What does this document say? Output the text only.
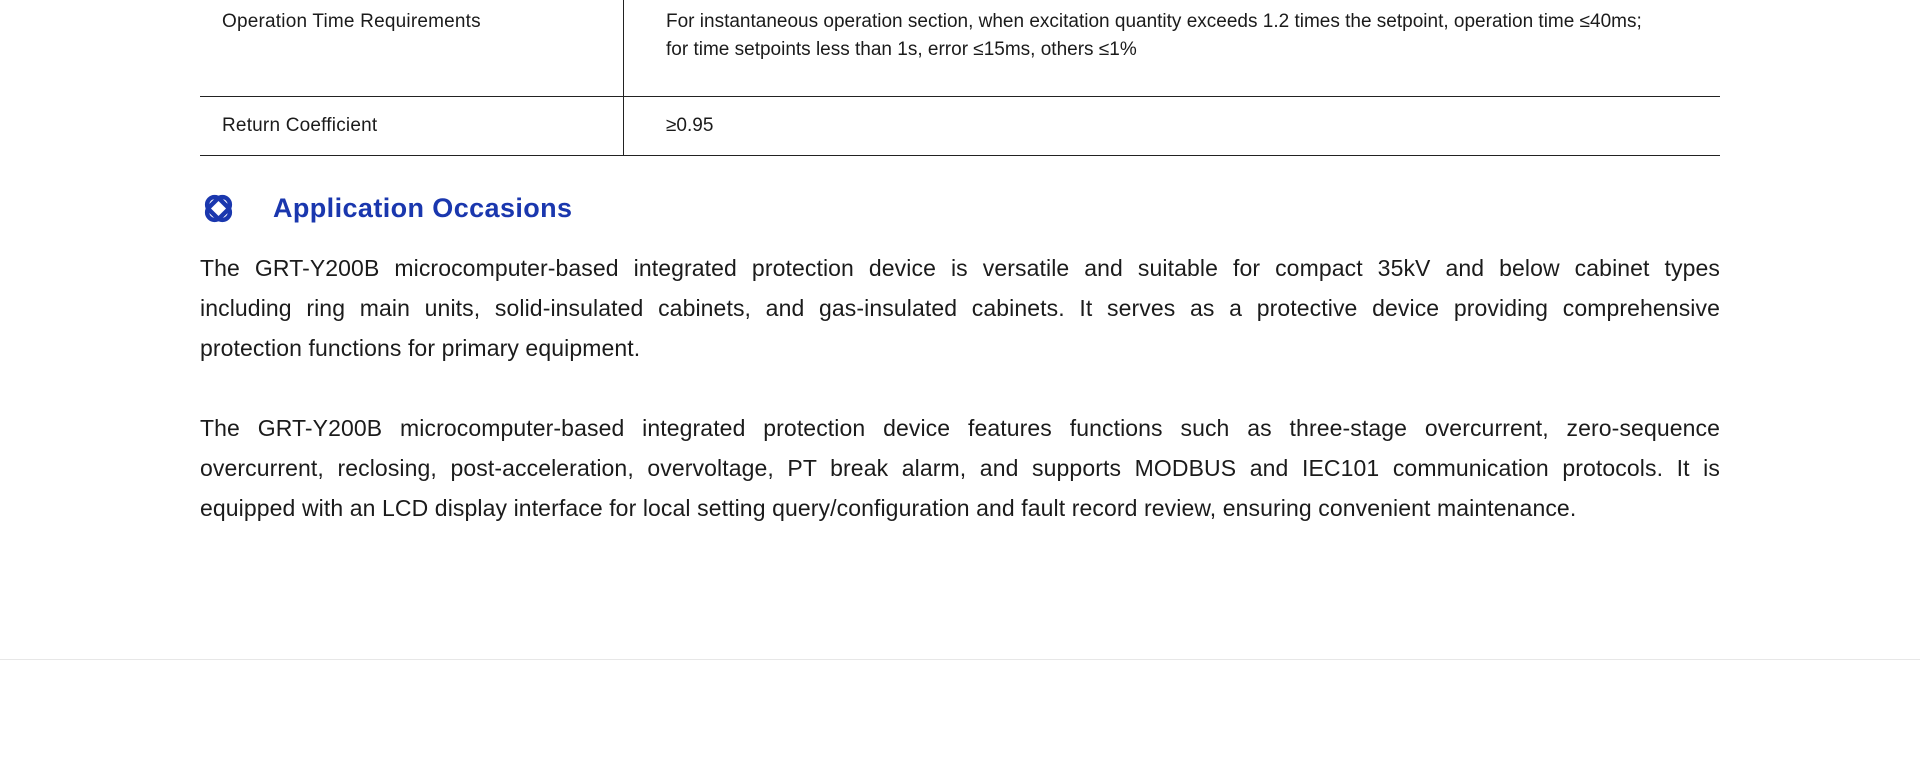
Operation Time Requirements	For instantaneous operation section, when excitation quantity exceeds 1.2 times the setpoint, operation time ≤40ms;
for time setpoints less than 1s, error ≤15ms, others ≤1%
Return Coefficient	≥0.95
Application Occasions
The GRT-Y200B microcomputer-based integrated protection device is versatile and suitable for compact 35kV and below cabinet types
including ring main units, solid-insulated cabinets, and gas-insulated cabinets. It serves as a protective device providing comprehensive
protection functions for primary equipment.
The GRT-Y200B microcomputer-based integrated protection device features functions such as three-stage overcurrent, zero-sequence
overcurrent, reclosing, post-acceleration, overvoltage, PT break alarm, and supports MODBUS and IEC101 communication protocols. It is
equipped with an LCD display interface for local setting query/configuration and fault record review, ensuring convenient maintenance.
